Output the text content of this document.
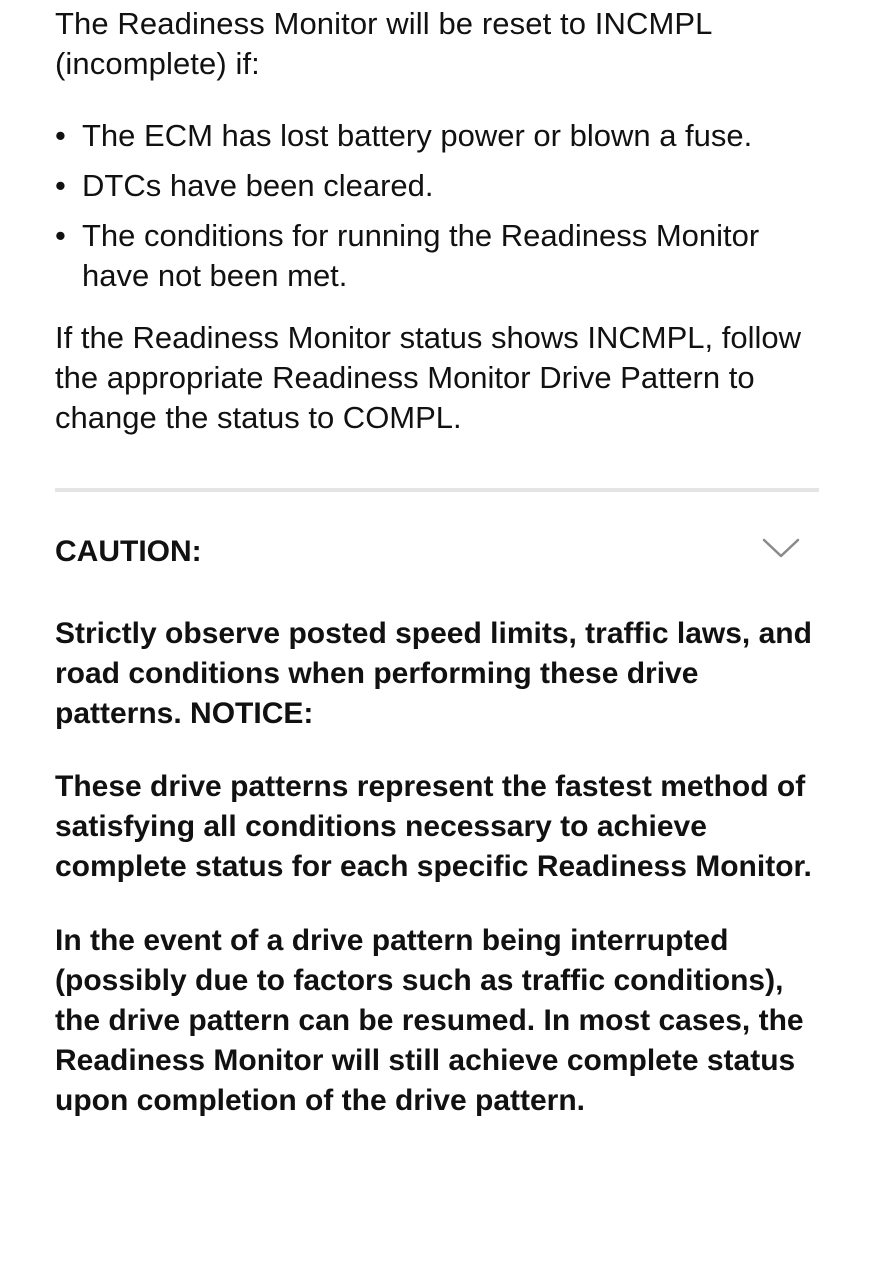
The Readiness Monitor will be reset to INCMPL (incomplete) if:

• The ECM has lost battery power or blown a fuse.
• DTCs have been cleared.
• The conditions for running the Readiness Monitor have not been met.

If the Readiness Monitor status shows INCMPL, follow the appropriate Readiness Monitor Drive Pattern to change the status to COMPL.

CAUTION:

Strictly observe posted speed limits, traffic laws, and road conditions when performing these drive patterns. NOTICE:

These drive patterns represent the fastest method of satisfying all conditions necessary to achieve complete status for each specific Readiness Monitor.

In the event of a drive pattern being interrupted (possibly due to factors such as traffic conditions), the drive pattern can be resumed. In most cases, the Readiness Monitor will still achieve complete status upon completion of the drive pattern.
